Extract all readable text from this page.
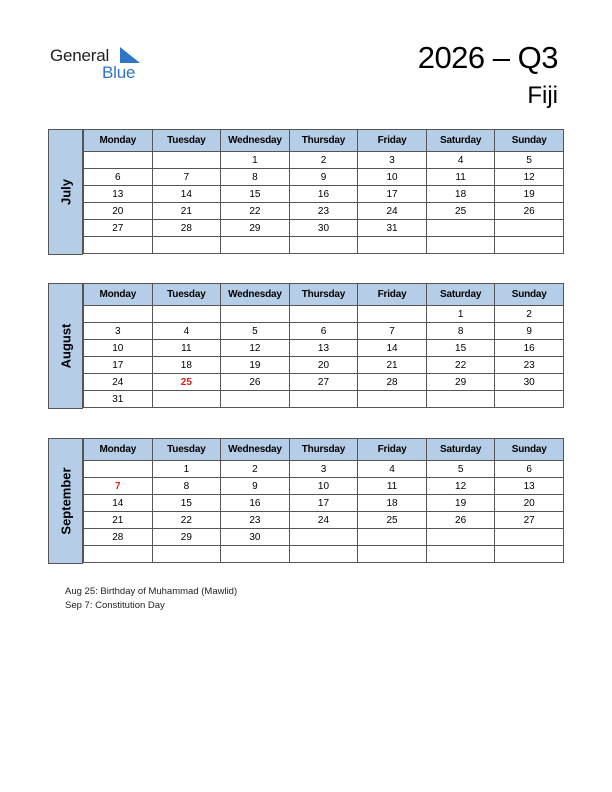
General
Blue	2026 – Q3
Fiji
July
Monday	Tuesday	Wednesday	Thursday	Friday	Saturday	Sunday
		1	2	3	4	5
6	7	8	9	10	11	12
13	14	15	16	17	18	19
20	21	22	23	24	25	26
27	28	29	30	31		

August
Monday	Tuesday	Wednesday	Thursday	Friday	Saturday	Sunday
					1	2
3	4	5	6	7	8	9
10	11	12	13	14	15	16
17	18	19	20	21	22	23
24	25	26	27	28	29	30
31						
September
Monday	Tuesday	Wednesday	Thursday	Friday	Saturday	Sunday
	1	2	3	4	5	6
7	8	9	10	11	12	13
14	15	16	17	18	19	20
21	22	23	24	25	26	27
28	29	30				

Aug 25: Birthday of Muhammad (Mawlid)
Sep 7: Constitution Day
